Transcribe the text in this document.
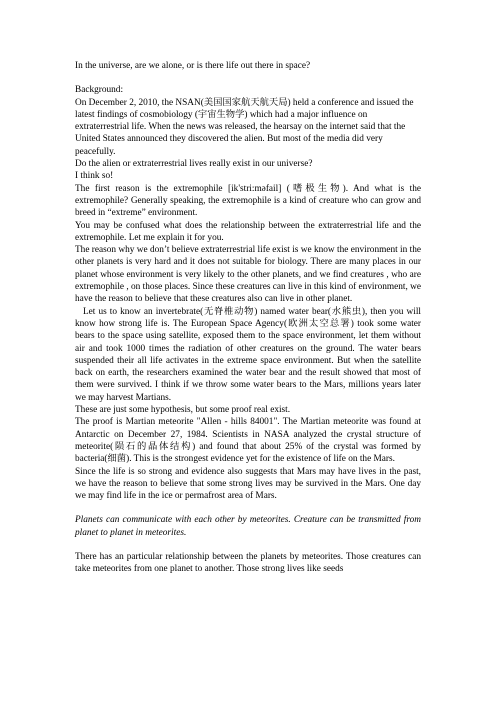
In the universe, are we alone, or is there life out there in space?

Background:

On December 2, 2010, the NSAN(美国国家航天航天局) held a conference and issued the latest findings of cosmobiology (宇宙生物学) which had a major influence on extraterrestrial life. When the news was released, the hearsay on the internet said that the United States announced they discovered the alien. But most of the media did very peacefully.

Do the alien or extraterrestrial lives really exist in our universe?

I think so!

The first reason is the extremophile [ik'stri:məfail] (嗜极生物). And what is the extremophile? Generally speaking, the extremophile is a kind of creature who can grow and breed in “extreme” environment.

You may be confused what does the relationship between the extraterrestrial life and the extremophile. Let me explain it for you.

The reason why we don’t believe extraterrestrial life exist is we know the environment in the other planets is very hard and it does not suitable for biology. There are many places in our planet whose environment is very likely to the other planets, and we find creatures , who are extremophile , on those places. Since these creatures can live in this kind of environment, we have the reason to believe that these creatures also can live in other planet.

Let us to know an invertebrate(无脊椎动物) named water bear(水熊虫), then you will know how strong life is. The European Space Agency(欧洲太空总署) took some water bears to the space using satellite, exposed them to the space environment, let them without air and took 1000 times the radiation of other creatures on the ground. The water bears suspended their all life activates in the extreme space environment. But when the satellite back on earth, the researchers examined the water bear and the result showed that most of them were survived. I think if we throw some water bears to the Mars, millions years later we may harvest Martians.

These are just some hypothesis, but some proof real exist.

The proof is Martian meteorite "Allen - hills 84001". The Martian meteorite was found at Antarctic on December 27, 1984. Scientists in NASA analyzed the crystal structure of meteorite(陨石的晶体结构) and found that about 25% of the crystal was formed by bacteria(细菌). This is the strongest evidence yet for the existence of life on the Mars.

Since the life is so strong and evidence also suggests that Mars may have lives in the past, we have the reason to believe that some strong lives may be survived in the Mars. One day we may find life in the ice or permafrost area of Mars.

Planets can communicate with each other by meteorites. Creature can be transmitted from planet to planet in meteorites.

There has an particular relationship between the planets by meteorites. Those creatures can take meteorites from one planet to another. Those strong lives like seeds
